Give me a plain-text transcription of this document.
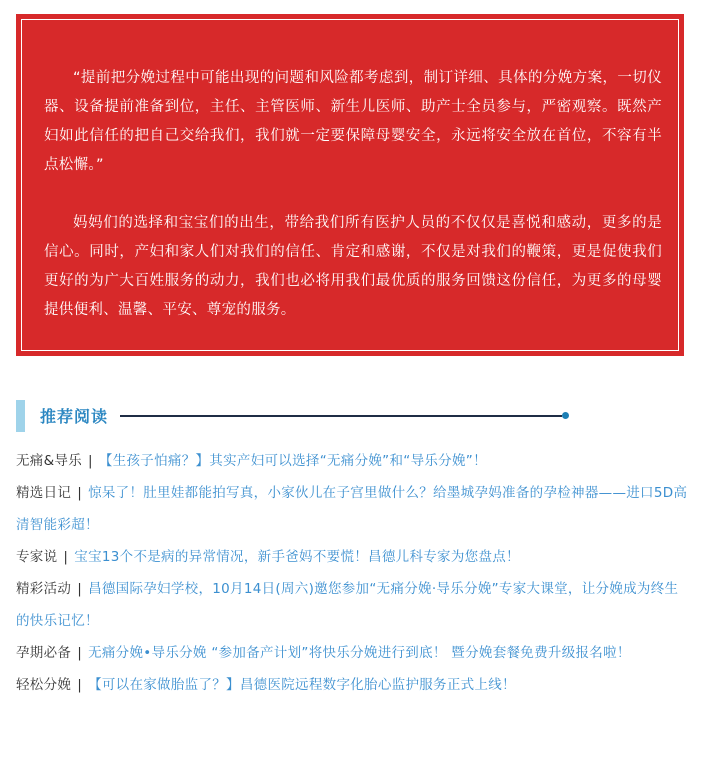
“提前把分娩过程中可能出现的问题和风险都考虑到，制订详细、具体的分娩方案，一切仪器、设备提前准备到位，主任、主管医师、新生儿医师、助产士全员参与，严密观察。既然产妇如此信任的把自己交给我们，我们就一定要保障母婴安全，永远将安全放在首位，不容有半点松懈。”

妈妈们的选择和宝宝们的出生，带给我们所有医护人员的不仅仅是喜悦和感动，更多的是信心。同时，产妇和家人们对我们的信任、肯定和感谢，不仅是对我们的鞭策，更是促使我们更好的为广大百姓服务的动力，我们也必将用我们最优质的服务回馈这份信任，为更多的母婴提供便利、温馨、平安、尊宠的服务。

推荐阅读

无痛&导乐 | 【生孩子怕痛？】其实产妇可以选择“无痛分娩”和“导乐分娩”！

精选日记 | 惊呆了！肚里娃都能拍写真，小家伙儿在子宫里做什么？给墨城孕妈准备的孕检神器——进口5D高清智能彩超！

专家说 | 宝宝13个不是病的异常情况，新手爸妈不要慌！昌德儿科专家为您盘点！

精彩活动 | 昌德国际孕妇学校，10月14日(周六)邀您参加“无痛分娩·导乐分娩”专家大课堂，让分娩成为终生的快乐记忆！

孕期必备 | 无痛分娩•导乐分娩 “参加备产计划”将快乐分娩进行到底！ 暨分娩套餐免费升级报名啦！

轻松分娩 | 【可以在家做胎监了？】昌德医院远程数字化胎心监护服务正式上线！
